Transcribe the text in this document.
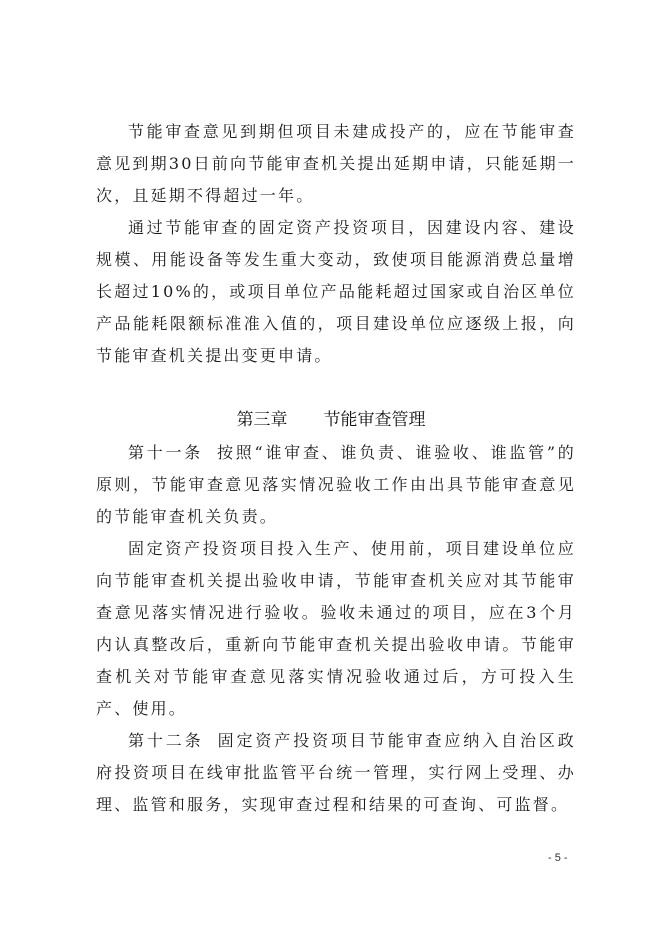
节能审查意见到期但项目未建成投产的，应在节能审查意见到期30日前向节能审查机关提出延期申请，只能延期一次，且延期不得超过一年。

通过节能审查的固定资产投资项目，因建设内容、建设规模、用能设备等发生重大变动，致使项目能源消费总量增长超过10%的，或项目单位产品能耗超过国家或自治区单位产品能耗限额标准准入值的，项目建设单位应逐级上报，向节能审查机关提出变更申请。

第三章 节能审查管理

第十一条 按照“谁审查、谁负责、谁验收、谁监管”的原则，节能审查意见落实情况验收工作由出具节能审查意见的节能审查机关负责。

固定资产投资项目投入生产、使用前，项目建设单位应向节能审查机关提出验收申请，节能审查机关应对其节能审查意见落实情况进行验收。验收未通过的项目，应在3个月内认真整改后，重新向节能审查机关提出验收申请。节能审查机关对节能审查意见落实情况验收通过后，方可投入生产、使用。

第十二条 固定资产投资项目节能审查应纳入自治区政府投资项目在线审批监管平台统一管理，实行网上受理、办理、监管和服务，实现审查过程和结果的可查询、可监督。

- 5 -
